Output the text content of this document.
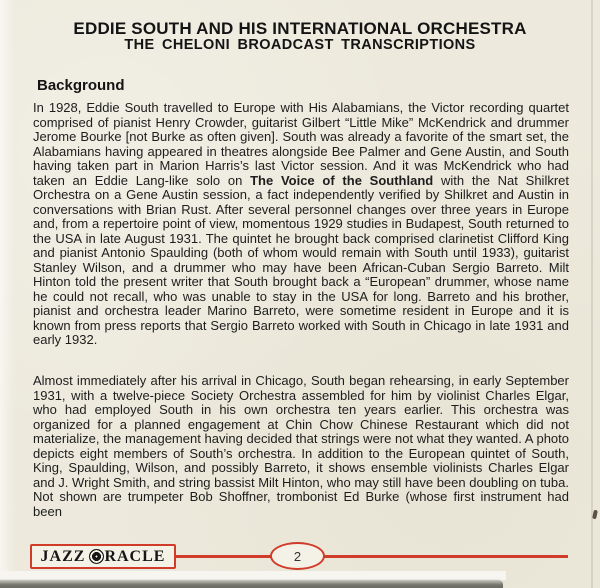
EDDIE SOUTH AND HIS INTERNATIONAL ORCHESTRA
THE CHELONI BROADCAST TRANSCRIPTIONS
Background

In 1928, Eddie South travelled to Europe with His Alabamians, the Victor recording quartet comprised of pianist Henry Crowder, guitarist Gilbert “Little Mike” McKendrick and drummer Jerome Bourke [not Burke as often given]. South was already a favorite of the smart set, the Alabamians having appeared in theatres alongside Bee Palmer and Gene Austin, and South having taken part in Marion Harris’s last Victor session. And it was McKendrick who had taken an Eddie Lang-like solo on The Voice of the Southland with the Nat Shilkret Orchestra on a Gene Austin session, a fact independently verified by Shilkret and Austin in conversations with Brian Rust. After several personnel changes over three years in Europe and, from a repertoire point of view, momentous 1929 studies in Budapest, South returned to the USA in late August 1931. The quintet he brought back comprised clarinetist Clifford King and pianist Antonio Spaulding (both of whom would remain with South until 1933), guitarist Stanley Wilson, and a drummer who may have been African-Cuban Sergio Barreto. Milt Hinton told the present writer that South brought back a “European” drummer, whose name he could not recall, who was unable to stay in the USA for long. Barreto and his brother, pianist and orchestra leader Marino Barreto, were sometime resident in Europe and it is known from press reports that Sergio Barreto worked with South in Chicago in late 1931 and early 1932.

Almost immediately after his arrival in Chicago, South began rehearsing, in early September 1931, with a twelve-piece Society Orchestra assembled for him by violinist Charles Elgar, who had employed South in his own orchestra ten years earlier. This orchestra was organized for a planned engagement at Chin Chow Chinese Restaurant which did not materialize, the management having decided that strings were not what they wanted. A photo depicts eight members of South’s orchestra. In addition to the European quintet of South, King, Spaulding, Wilson, and possibly Barreto, it shows ensemble violinists Charles Elgar and J. Wright Smith, and string bassist Milt Hinton, who may still have been doubling on tuba. Not shown are trumpeter Bob Shoffner, trombonist Ed Burke (whose first instrument had been

JAZZ RACLE	2
